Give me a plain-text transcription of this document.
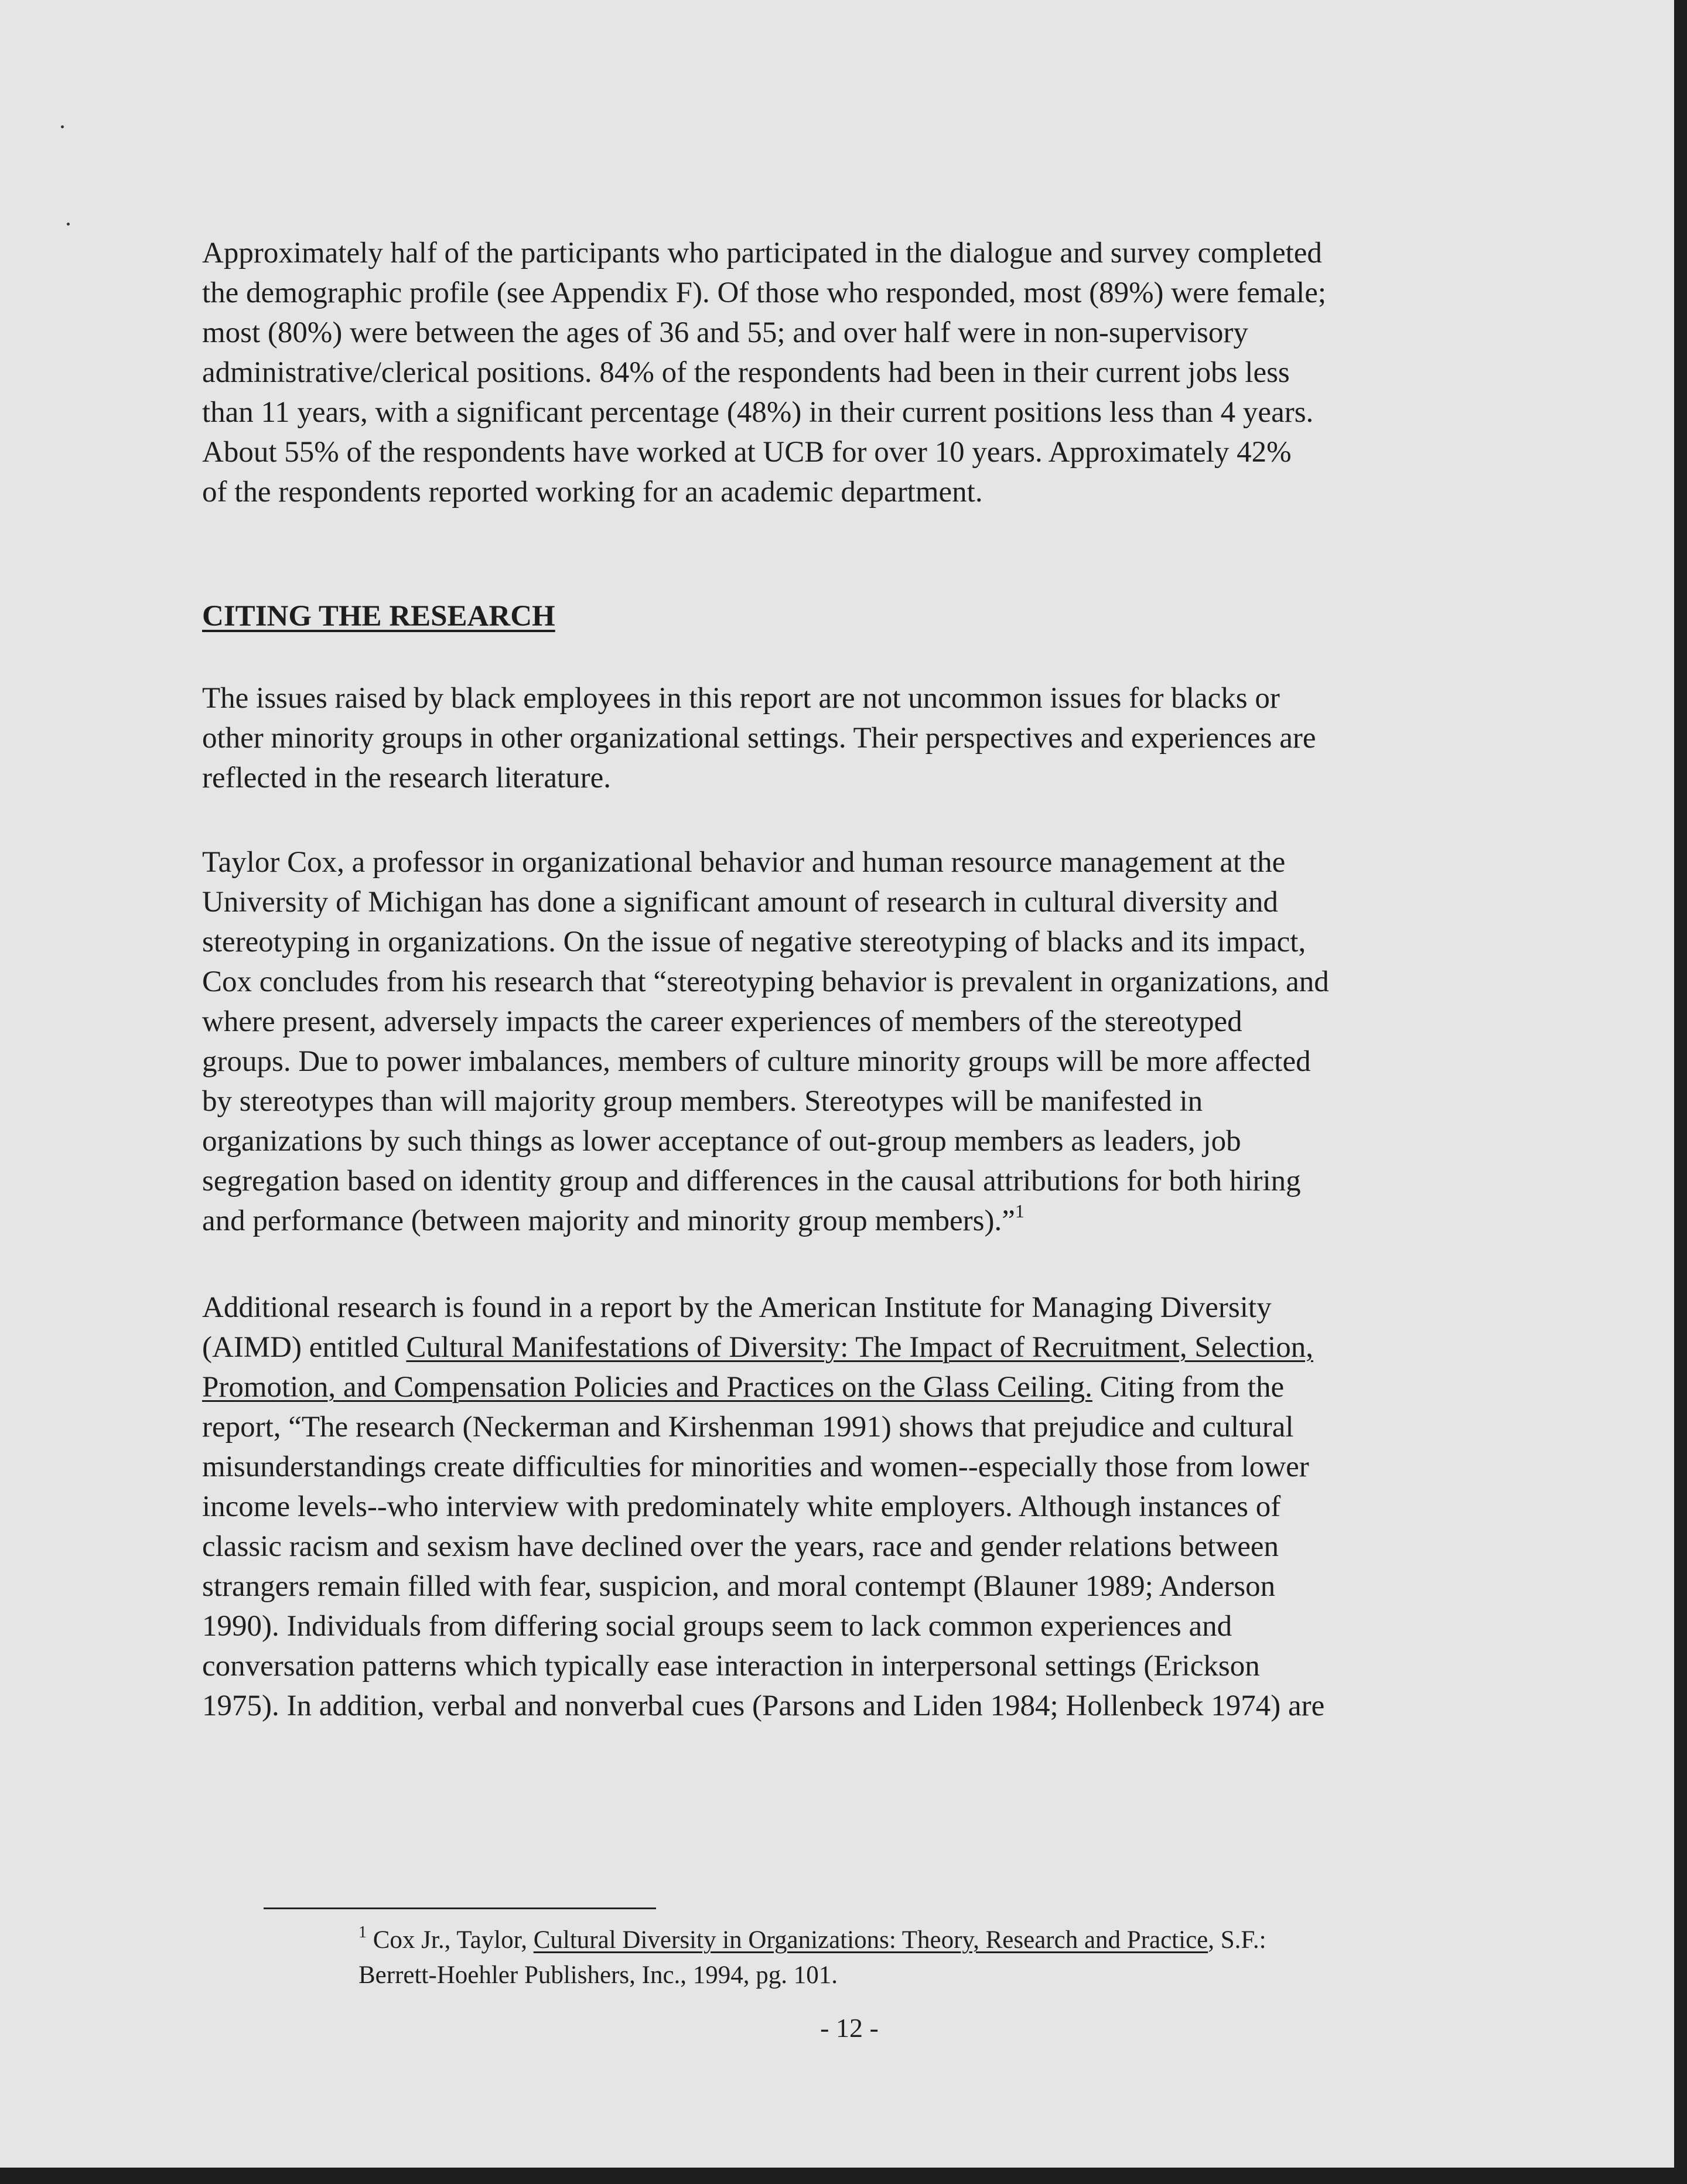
Approximately half of the participants who participated in the dialogue and survey completed
the demographic profile (see Appendix F). Of those who responded, most (89%) were female;
most (80%) were between the ages of 36 and 55; and over half were in non-supervisory
administrative/clerical positions. 84% of the respondents had been in their current jobs less
than 11 years, with a significant percentage (48%) in their current positions less than 4 years.
About 55% of the respondents have worked at UCB for over 10 years. Approximately 42%
of the respondents reported working for an academic department.
CITING THE RESEARCH
The issues raised by black employees in this report are not uncommon issues for blacks or
other minority groups in other organizational settings. Their perspectives and experiences are
reflected in the research literature.
Taylor Cox, a professor in organizational behavior and human resource management at the
University of Michigan has done a significant amount of research in cultural diversity and
stereotyping in organizations. On the issue of negative stereotyping of blacks and its impact,
Cox concludes from his research that “stereotyping behavior is prevalent in organizations, and
where present, adversely impacts the career experiences of members of the stereotyped
groups. Due to power imbalances, members of culture minority groups will be more affected
by stereotypes than will majority group members. Stereotypes will be manifested in
organizations by such things as lower acceptance of out-group members as leaders, job
segregation based on identity group and differences in the causal attributions for both hiring
and performance (between majority and minority group members).”$^1$
Additional research is found in a report by the American Institute for Managing Diversity
(AIMD) entitled Cultural Manifestations of Diversity: The Impact of Recruitment, Selection,
Promotion, and Compensation Policies and Practices on the Glass Ceiling. Citing from the
report, “The research (Neckerman and Kirshenman 1991) shows that prejudice and cultural
misunderstandings create difficulties for minorities and women--especially those from lower
income levels--who interview with predominately white employers. Although instances of
classic racism and sexism have declined over the years, race and gender relations between
strangers remain filled with fear, suspicion, and moral contempt (Blauner 1989; Anderson
1990). Individuals from differing social groups seem to lack common experiences and
conversation patterns which typically ease interaction in interpersonal settings (Erickson
1975). In addition, verbal and nonverbal cues (Parsons and Liden 1984; Hollenbeck 1974) are
$^1$ Cox Jr., Taylor, Cultural Diversity in Organizations: Theory, Research and Practice, S.F.:
Berrett-Hoehler Publishers, Inc., 1994, pg. 101.
- 12 -
